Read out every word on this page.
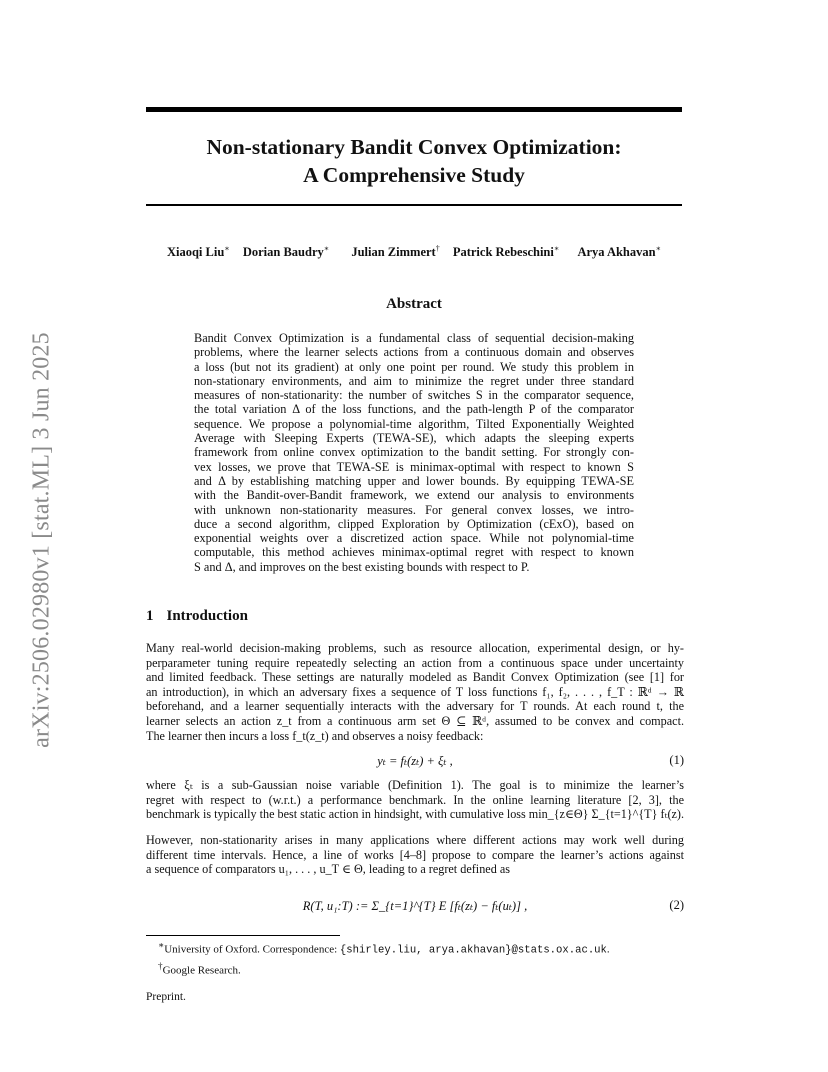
arXiv:2506.02980v1 [stat.ML] 3 Jun 2025
Non-stationary Bandit Convex Optimization:
A Comprehensive Study
Xiaoqi Liu∗ Dorian Baudry∗ Julian Zimmert† Patrick Rebeschini∗ Arya Akhavan∗
Abstract
Bandit Convex Optimization is a fundamental class of sequential decision-making
problems, where the learner selects actions from a continuous domain and observes
a loss (but not its gradient) at only one point per round. We study this problem in
non-stationary environments, and aim to minimize the regret under three standard
measures of non-stationarity: the number of switches S in the comparator sequence,
the total variation Δ of the loss functions, and the path-length P of the comparator
sequence. We propose a polynomial-time algorithm, Tilted Exponentially Weighted
Average with Sleeping Experts (TEWA-SE), which adapts the sleeping experts
framework from online convex optimization to the bandit setting. For strongly con-
vex losses, we prove that TEWA-SE is minimax-optimal with respect to known S
and Δ by establishing matching upper and lower bounds. By equipping TEWA-SE
with the Bandit-over-Bandit framework, we extend our analysis to environments
with unknown non-stationarity measures. For general convex losses, we intro-
duce a second algorithm, clipped Exploration by Optimization (cExO), based on
exponential weights over a discretized action space. While not polynomial-time
computable, this method achieves minimax-optimal regret with respect to known
S and Δ, and improves on the best existing bounds with respect to P.
1 Introduction
Many real-world decision-making problems, such as resource allocation, experimental design, or hy-
perparameter tuning require repeatedly selecting an action from a continuous space under uncertainty
and limited feedback. These settings are naturally modeled as Bandit Convex Optimization (see [1] for
an introduction), in which an adversary fixes a sequence of T loss functions f₁, f₂, . . . , f_T : ℝᵈ → ℝ
beforehand, and a learner sequentially interacts with the adversary for T rounds. At each round t, the
learner selects an action z_t from a continuous arm set Θ ⊆ ℝᵈ, assumed to be convex and compact.
The learner then incurs a loss f_t(z_t) and observes a noisy feedback:
yₜ = fₜ(zₜ) + ξₜ ,	(1)
where ξₜ is a sub-Gaussian noise variable (Definition 1). The goal is to minimize the learner’s
regret with respect to (w.r.t.) a performance benchmark. In the online learning literature [2, 3], the
benchmark is typically the best static action in hindsight, with cumulative loss min_{z∈Θ} Σ_{t=1}^{T} fₜ(z).
However, non-stationarity arises in many applications where different actions may work well during
different time intervals. Hence, a line of works [4–8] propose to compare the learner’s actions against
a sequence of comparators u₁, . . . , u_T ∈ Θ, leading to a regret defined as
R(T, u₁:T) := Σ_{t=1}^{T} E [fₜ(zₜ) − fₜ(uₜ)] ,	(2)
∗University of Oxford. Correspondence: {shirley.liu, arya.akhavan}@stats.ox.ac.uk.
†Google Research.
Preprint.
